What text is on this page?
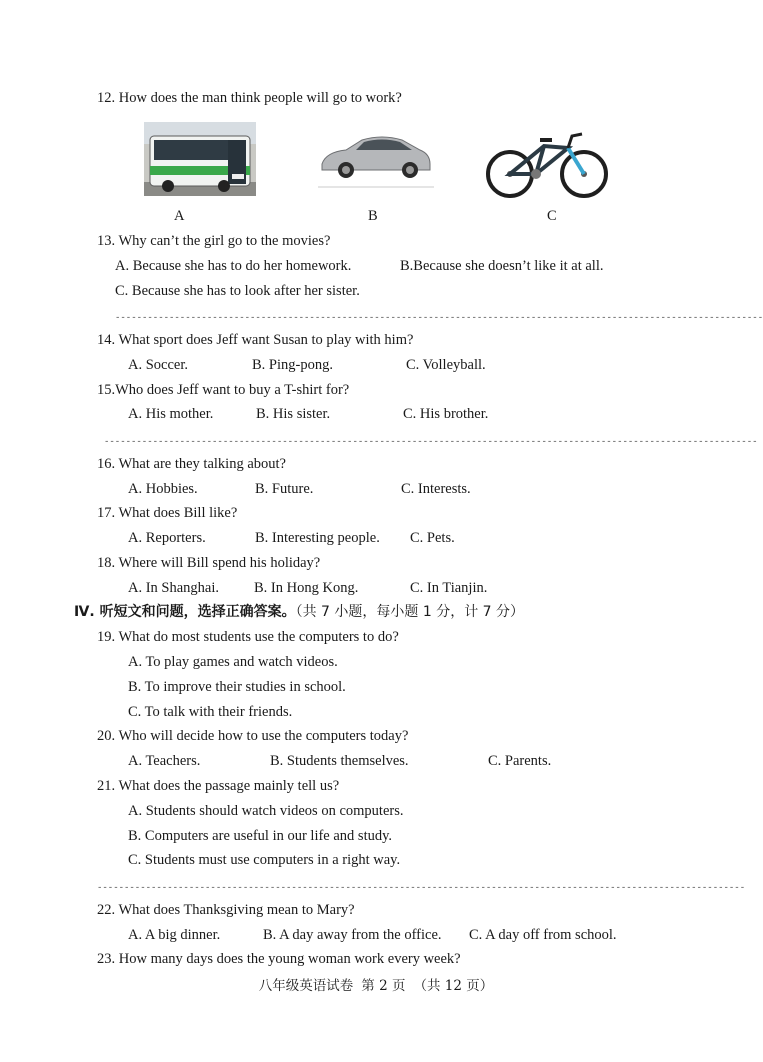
12. How does the man think people will go to work?
A	B	C
13. Why can’t the girl go to the movies?
A. Because she has to do her homework.	B.Because she doesn’t like it at all.
C. Because she has to look after her sister.
------------------------------------------------------------------------------------------------------------------------
14. What sport does Jeff want Susan to play with him?
A. Soccer.	B. Ping-pong.	C. Volleyball.
15.Who does Jeff want to buy a T-shirt for?
A. His mother.	B. His sister.	C. His brother.
-------------------------------------------------------------------------------------------------------------------------
16. What are they talking about?
A. Hobbies.	B. Future.	C. Interests.
17. What does Bill like?
A. Reporters.	B. Interesting people. C. Pets.
18. Where will Bill spend his holiday?
A. In Shanghai. B. In Hong Kong.	C. In Tianjin.
Ⅳ. 听短文和问题，选择正确答案。（共 7 小题，每小题 1 分，计 7 分）
19. What do most students use the computers to do?
A. To play games and watch videos.
B. To improve their studies in school.
C. To talk with their friends.
20. Who will decide how to use the computers today?
A. Teachers.	B. Students themselves.	C. Parents.
21. What does the passage mainly tell us?
A. Students should watch videos on computers.
B. Computers are useful in our life and study.
C. Students must use computers in a right way.
------------------------------------------------------------------------------------------------------------------------
22. What does Thanksgiving mean to Mary?
A. A big dinner.	B. A day away from the office. C. A day off from school.
23. How many days does the young woman work every week?
八年级英语试卷 第 2 页 （共 12 页）
